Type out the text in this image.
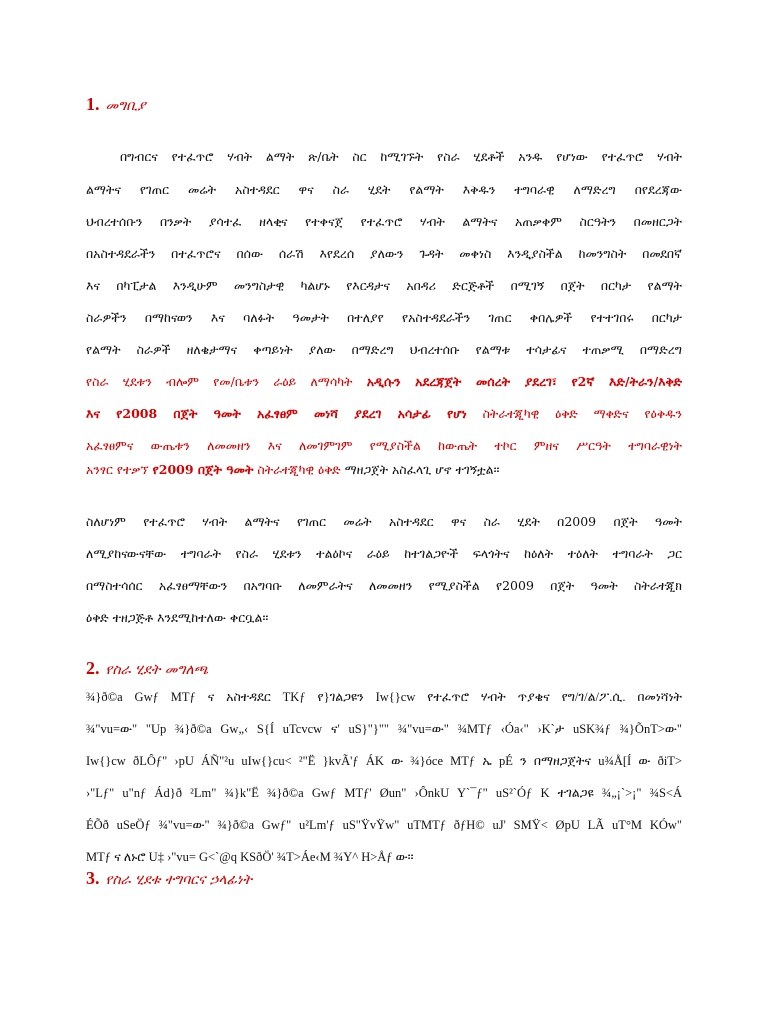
1. መግቢያ

በግብርና የተፈጥሮ ሃብት ልማት ጽ/ቤት ስር ከሚገኙት የስራ ሂደቶች አንዱ የሆነው የተፈጥሮ ሃብት

ልማትና የገጠር መሬት አስተዳደር ዋና ስራ ሂደት የልማት እቅዱን ተግባራዊ ለማድረግ በየደረጃው

ህብረተሰቡን በንቃት ያሳተፈ ዘላቂና የተቀናጀ የተፈጥሮ ሃብት ልማትና አጠቃቀም ስርዓትን በመዘርጋት

በአስተዳደራችን በተፈጥሮና በሰው ሰራሽ እየደረሰ ያለውን ጉዳት መቀነስ እንዲያስችል ከመንግስት በመደበኛ

እና በካፒታል እንዲሁም መንግስታዊ ካልሆኑ የእርዳታና አበዳሪ ድርጅቶች በሚገኝ በጀት በርካታ የልማት

ስራዎችን በማከናወን እና ባለፉት ዓመታት በተለያየ የአስተዳደራችን ገጠር ቀበሌዎች የተተገበሩ በርካታ

የልማት ስራዎች ዘለቄታማና ቀጣይነት ያለው በማድረግ ህብረተሰቡ የልማቱ ተሳታፊና ተጠቃሚ በማድረግ

የስራ ሂደቱን ብሎም የመ/ቤቱን ራዕይ ለማሳካት አዲሱን አደረጃጀት መሰረት ያደረገ፣ የ2ኛ እድ/ትራን/እቅድ

እና የ2008 በጀት ዓመት አፈፃፀም መነሻ ያደረገ አሳታፊ የሆነ ስትራተጂካዊ ዕቅድ ማቀድና የዕቅዱን

አፈፃፀምና ውጤቱን ለመመዘን እና ለመገምገም የሚያስችል ከውጤት ተኮር ምዘና ሥርዓት ተግባራዊነት

አንፃር የተቃኘ የ2009 በጀት ዓመት ስትራተጂካዊ ዕቅድ ማዘጋጀት አስፈላጊ ሆኖ ተገኝቷል፡፡

ስለሆነም የተፈጥሮ ሃብት ልማትና የገጠር መሬት አስተዳደር ዋና ስራ ሂደት በ2009 በጀት ዓመት

ለሚያከናውናቸው ተግባራት የስራ ሂደቱን ተልዕኮና ራዕይ ከተገልጋዮች ፍላጎትና ከዕለት ተዕለት ተግባራት ጋር

በማስተሳሰር አፈፃፀማቸውን በአግባቡ ለመምራትና ለመመዘን የሚያስችል የ2009 በጀት ዓመት ስትራተጂክ

ዕቅድ ተዘጋጅቶ እንደሚከተለው ቀርቧል፡፡

2. የስራ ሂደት መግለጫ

¾}ð©a Gwƒ MTƒ ና አስተዳደር TKƒ የ}ገልጋዩን Iw{}cw የተፈጥሮ ሃብት ጥያቄና የግ/ገ/ል/ፖ.ሲ. በመነሻነት

¾"vu=ው" "Up ¾}ð©a Gw„‹ S{Í uTcvcw ና' uS}"}"" ¾"vu=ው" ¾MTƒ ‹Óa‹" ›K`ታ uSK¾ƒ ¾}ÕnT>ው"

Iw{}cw ðLÔƒ" ›pU ÁÑ"²u uIw{}cu< ²"Ë }kvÃ'ƒ ÁK ው ¾}óce MTƒ ኤ pÉ ን በማዘጋጀትና u¾Å[Í ው ðiT>

›"Lƒ" u"nƒ Ád}ð ²Lm" ¾}k"Ë ¾}ð©a Gwƒ MTƒ' Øun" ›ÔnkU Y`¯ƒ" uS²`Óƒ K ተገልጋዩ ¾„¡`>¡" ¾S<Á

ÉÕð uSeÖƒ ¾"vu=ው" ¾}ð©a Gwƒ" u²Lm'ƒ uS"ŸvŸw" uTMTƒ ðƒH© uJ' SMŸ< ØpU LÃ uT°M KÓw"

MTƒ ና ለኑሮ U‡ ›"vu= G<`@q KSðÖ' ¾T>Áe‹M ¾Y^ H>Åƒ ው፡፡

3. የስራ ሂደቱ ተግባርና ኃላፊነት
